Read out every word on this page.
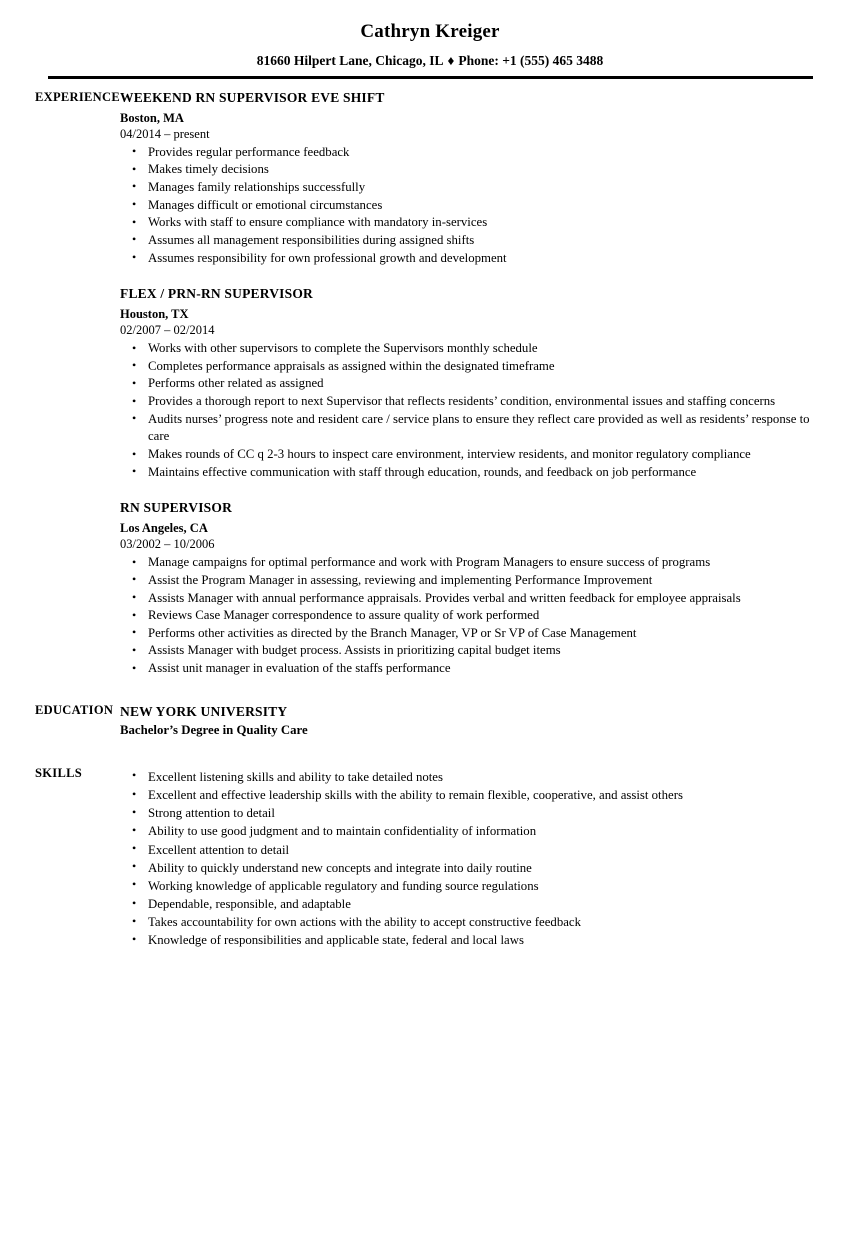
Cathryn Kreiger
81660 Hilpert Lane, Chicago, IL ♦ Phone: +1 (555) 465 3488
EXPERIENCE WEEKEND RN SUPERVISOR EVE SHIFT
Boston, MA
04/2014 – present
• Provides regular performance feedback
• Makes timely decisions
• Manages family relationships successfully
• Manages difficult or emotional circumstances
• Works with staff to ensure compliance with mandatory in-services
• Assumes all management responsibilities during assigned shifts
• Assumes responsibility for own professional growth and development
FLEX / PRN-RN SUPERVISOR
Houston, TX
02/2007 – 02/2014
• Works with other supervisors to complete the Supervisors monthly schedule
• Completes performance appraisals as assigned within the designated timeframe
• Performs other related as assigned
• Provides a thorough report to next Supervisor that reflects residents’ condition, environmental issues and staffing concerns
• Audits nurses’ progress note and resident care / service plans to ensure they reflect care provided as well as residents’ response to care
• Makes rounds of CC q 2-3 hours to inspect care environment, interview residents, and monitor regulatory compliance
• Maintains effective communication with staff through education, rounds, and feedback on job performance
RN SUPERVISOR
Los Angeles, CA
03/2002 – 10/2006
• Manage campaigns for optimal performance and work with Program Managers to ensure success of programs
• Assist the Program Manager in assessing, reviewing and implementing Performance Improvement
• Assists Manager with annual performance appraisals. Provides verbal and written feedback for employee appraisals
• Reviews Case Manager correspondence to assure quality of work performed
• Performs other activities as directed by the Branch Manager, VP or Sr VP of Case Management
• Assists Manager with budget process. Assists in prioritizing capital budget items
• Assist unit manager in evaluation of the staffs performance
EDUCATION NEW YORK UNIVERSITY
Bachelor’s Degree in Quality Care
SKILLS	• Excellent listening skills and ability to take detailed notes
• Excellent and effective leadership skills with the ability to remain flexible, cooperative, and assist others
• Strong attention to detail
• Ability to use good judgment and to maintain confidentiality of information
• Excellent attention to detail
• Ability to quickly understand new concepts and integrate into daily routine
• Working knowledge of applicable regulatory and funding source regulations
• Dependable, responsible, and adaptable
• Takes accountability for own actions with the ability to accept constructive feedback
• Knowledge of responsibilities and applicable state, federal and local laws
